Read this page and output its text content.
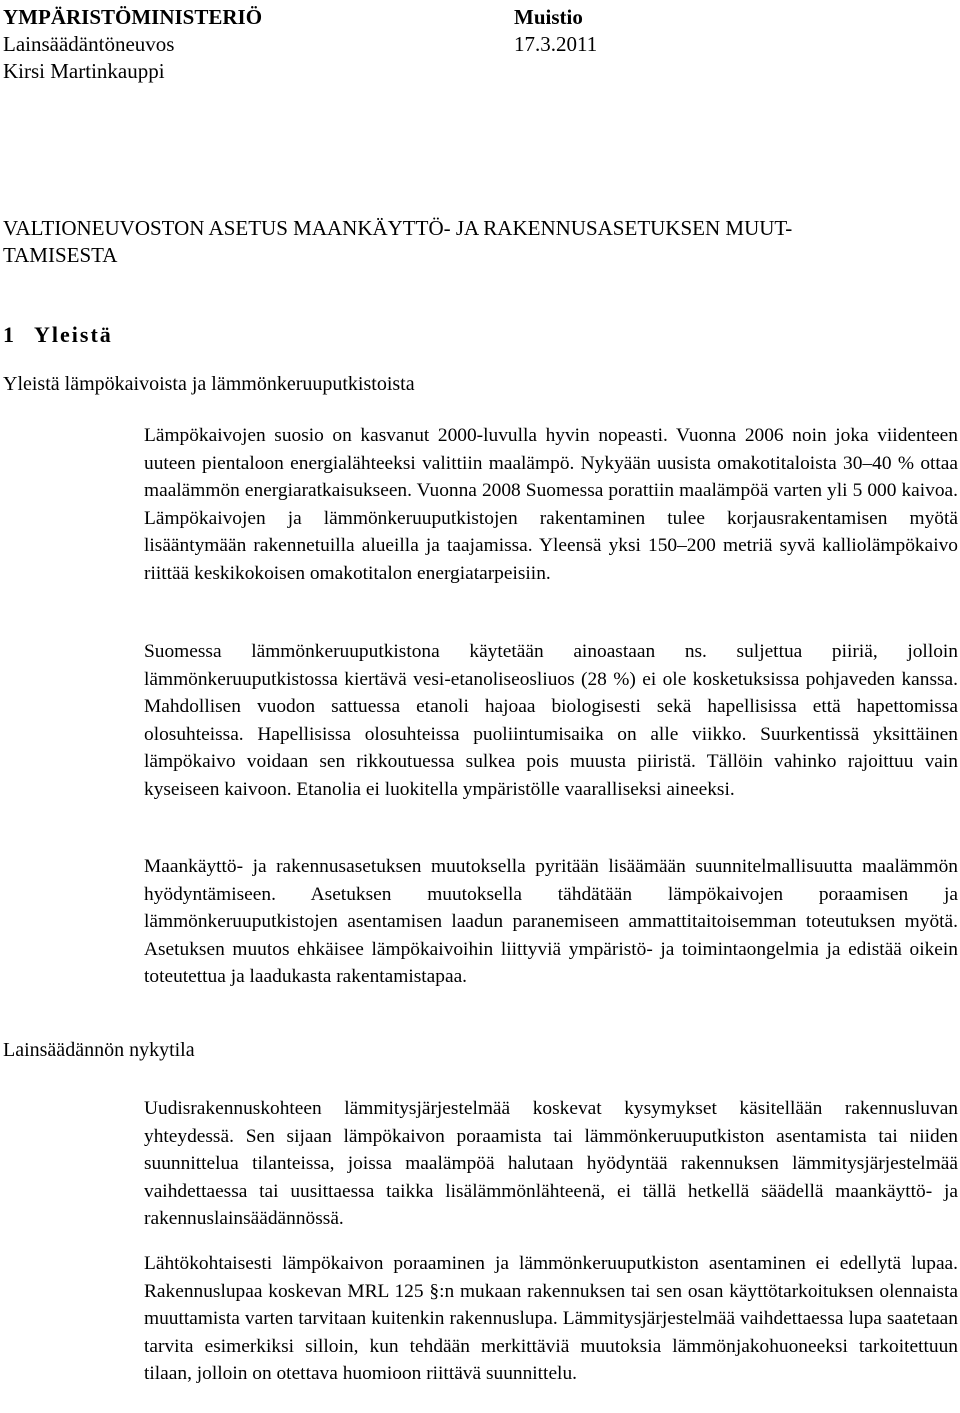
YMPÄRISTÖMINISTERIÖ	Muistio
Lainsäädäntöneuvos	17.3.2011
Kirsi Martinkauppi
VALTIONEUVOSTON ASETUS MAANKÄYTTÖ- JA RAKENNUSASETUKSEN MUUT-
TAMISESTA
1 Yleistä
Yleistä lämpökaivoista ja lämmönkeruuputkistoista
Lainsäädännön nykytila
Lämpökaivojen suosio on kasvanut 2000-luvulla hyvin nopeasti. Vuonna 2006 noin joka viidenteen uuteen pientaloon energialähteeksi valittiin maalämpö. Nykyään uusista omakotitaloista 30–40 % ottaa maalämmön energiaratkaisukseen. Vuonna 2008 Suomessa porattiin maalämpöä varten yli 5 000 kaivoa. Lämpökaivojen ja lämmönkeruuputkistojen rakentaminen tulee korjausrakentamisen myötä lisääntymään rakennetuilla alueilla ja taajamissa. Yleensä yksi 150–200 metriä syvä kalliolämpökaivo riittää keskikokoisen omakotitalon energiatarpeisiin.
Suomessa lämmönkeruuputkistona käytetään ainoastaan ns. suljettua piiriä, jolloin lämmönkeruuputkistossa kiertävä vesi-etanoliseosliuos (28 %) ei ole kosketuksissa pohjaveden kanssa. Mahdollisen vuodon sattuessa etanoli hajoaa biologisesti sekä hapellisissa että hapettomissa olosuhteissa. Hapellisissa olosuhteissa puoliintumisaika on alle viikko. Suurkentissä yksittäinen lämpökaivo voidaan sen rikkoutuessa sulkea pois muusta piiristä. Tällöin vahinko rajoittuu vain kyseiseen kaivoon. Etanolia ei luokitella ympäristölle vaaralliseksi aineeksi.
Maankäyttö- ja rakennusasetuksen muutoksella pyritään lisäämään suunnitelmallisuutta maalämmön hyödyntämiseen. Asetuksen muutoksella tähdätään lämpökaivojen poraamisen ja lämmönkeruuputkistojen asentamisen laadun paranemiseen ammattitaitoisemman toteutuksen myötä. Asetuksen muutos ehkäisee lämpökaivoihin liittyviä ympäristö- ja toimintaongelmia ja edistää oikein toteutettua ja laadukasta rakentamistapaa.
Uudisrakennuskohteen lämmitysjärjestelmää koskevat kysymykset käsitellään rakennusluvan yhteydessä. Sen sijaan lämpökaivon poraamista tai lämmönkeruuputkiston asentamista tai niiden suunnittelua tilanteissa, joissa maalämpöä halutaan hyödyntää rakennuksen lämmitysjärjestelmää vaihdettaessa tai uusittaessa taikka lisälämmönlähteenä, ei tällä hetkellä säädellä maankäyttö- ja rakennuslainsäädännössä.
Lähtökohtaisesti lämpökaivon poraaminen ja lämmönkeruuputkiston asentaminen ei edellytä lupaa. Rakennuslupaa koskevan MRL 125 §:n mukaan rakennuksen tai sen osan käyttötarkoituksen olennaista muuttamista varten tarvitaan kuitenkin rakennuslupa. Lämmitysjärjestelmää vaihdettaessa lupa saatetaan tarvita esimerkiksi silloin, kun tehdään merkittäviä muutoksia lämmönjakohuoneeksi tarkoitettuun tilaan, jolloin on otettava huomioon riittävä suunnittelu.
